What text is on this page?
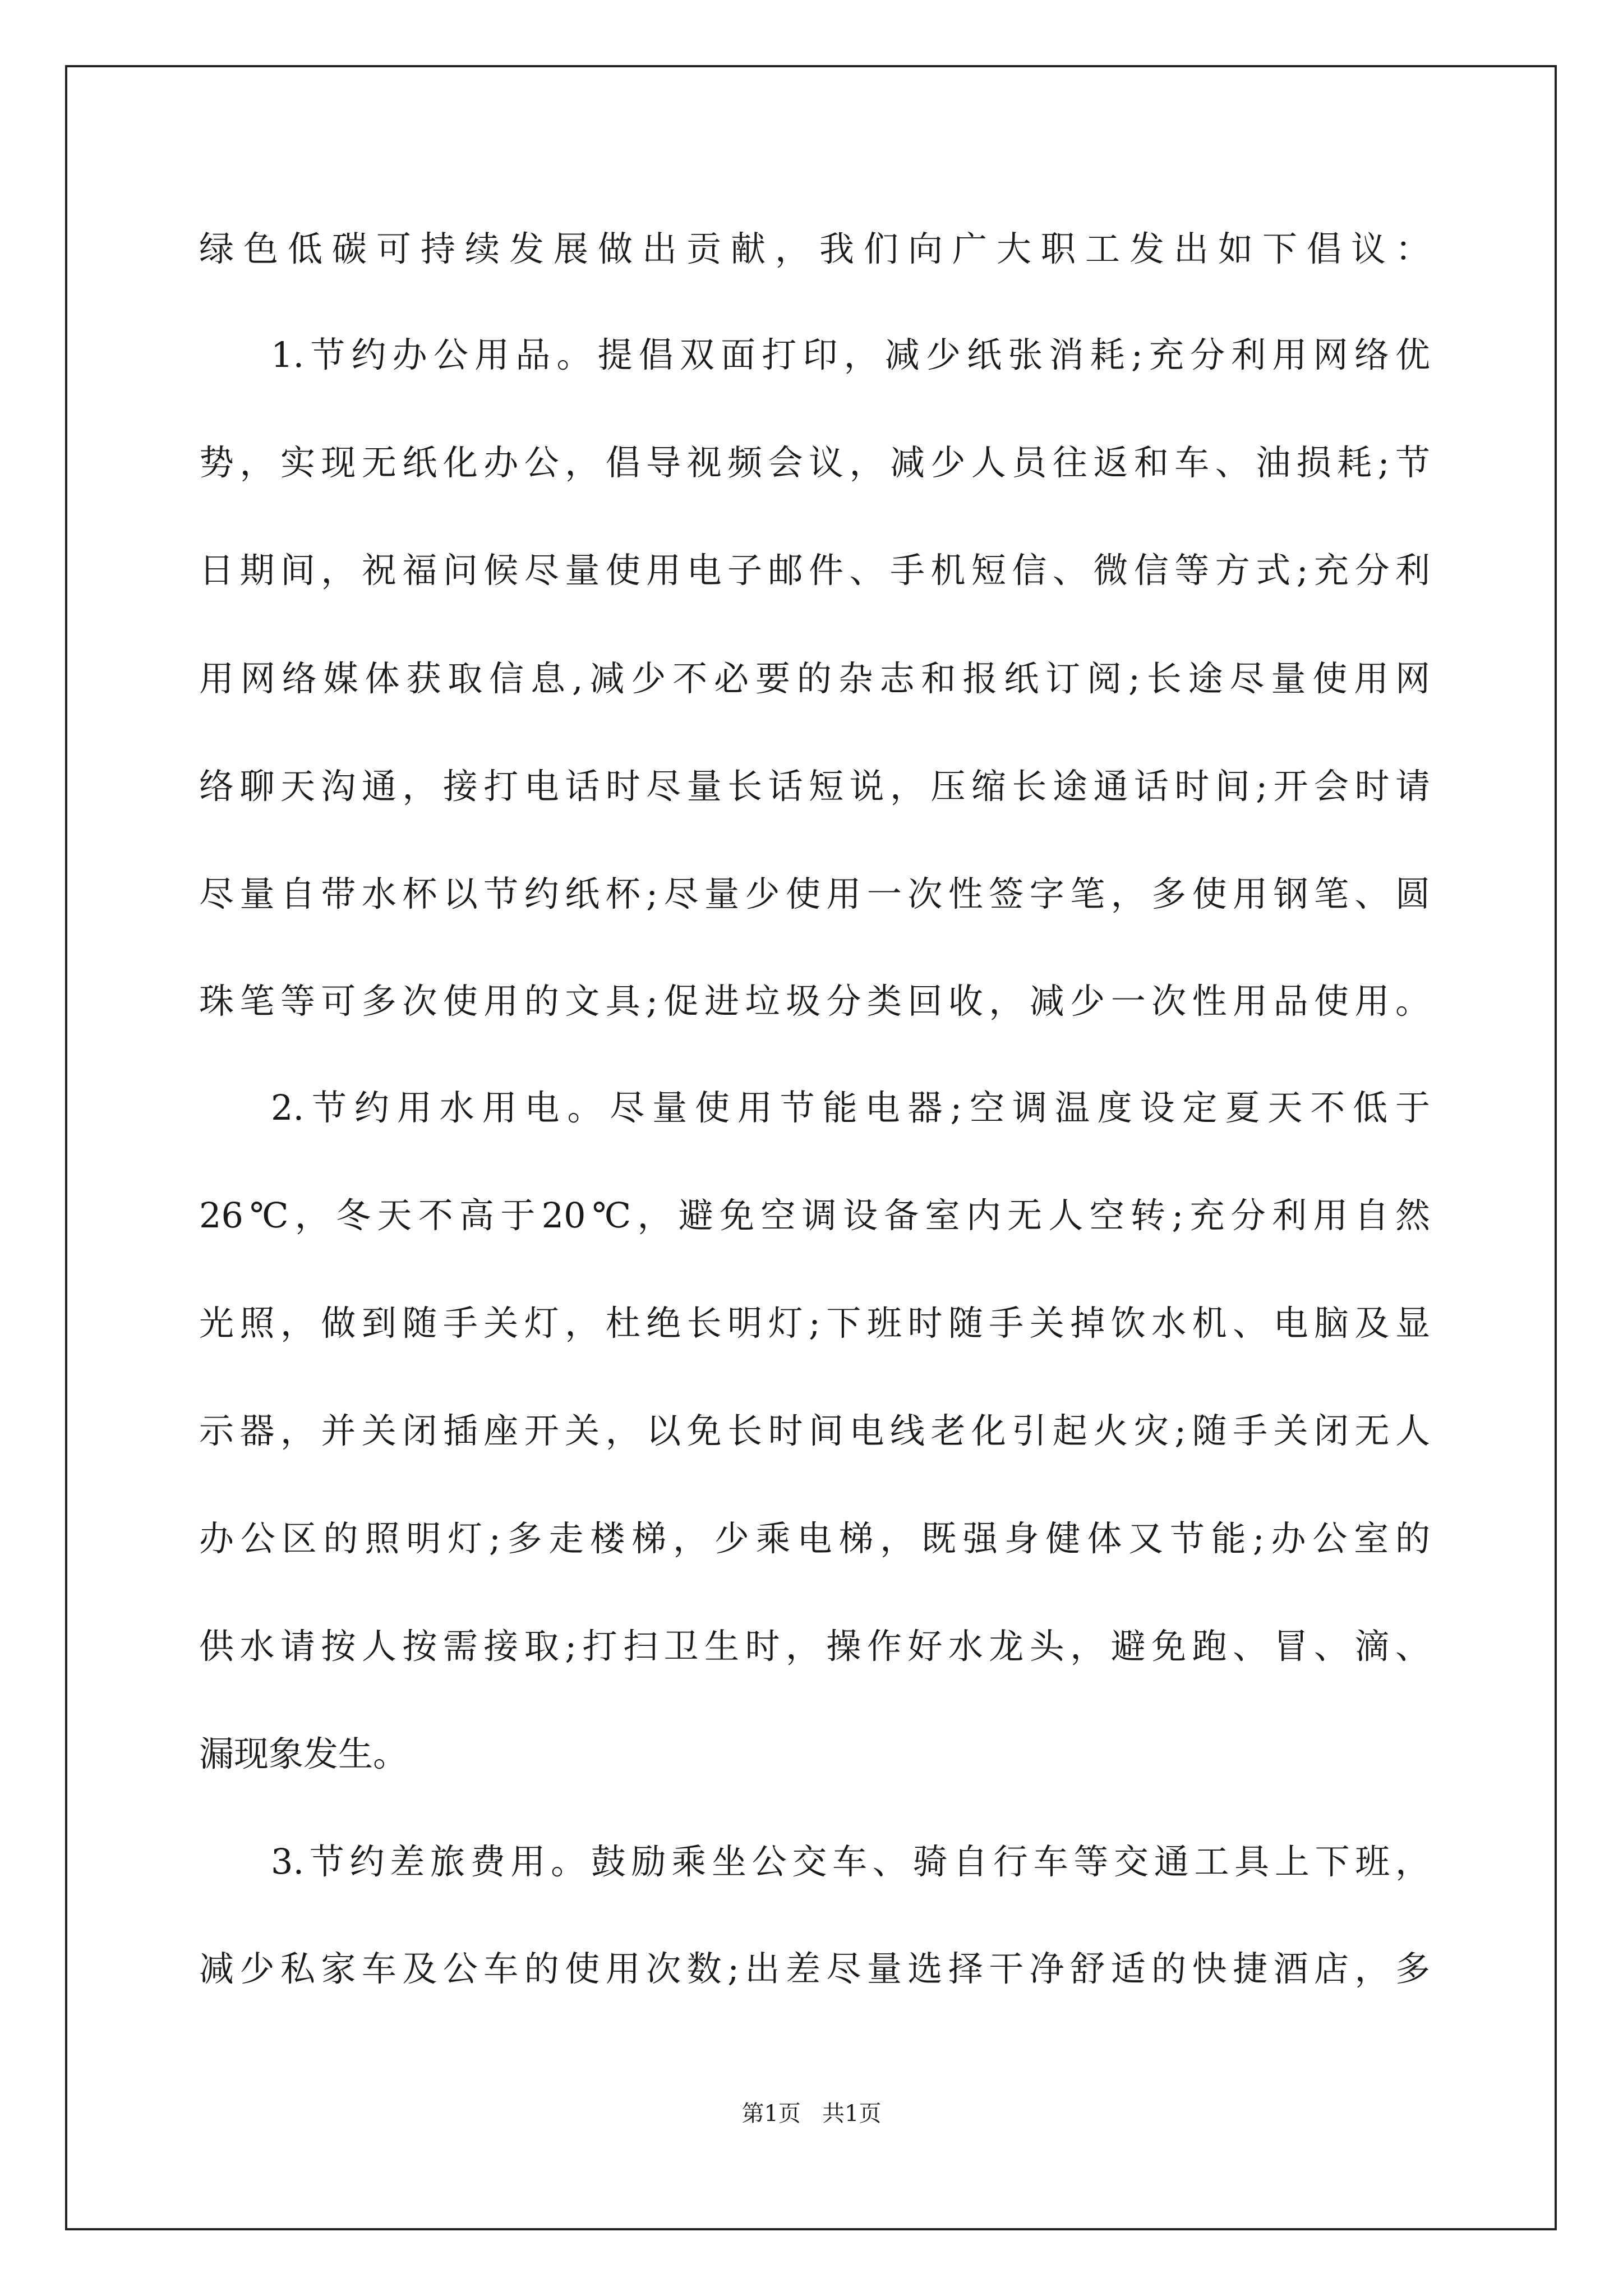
绿色低碳可持续发展做出贡献，我们向广大职工发出如下倡议：

1.节约办公用品。提倡双面打印，减少纸张消耗;充分利用网络优

势，实现无纸化办公，倡导视频会议，减少人员往返和车、油损耗;节

日期间，祝福问候尽量使用电子邮件、手机短信、微信等方式;充分利

用网络媒体获取信息,减少不必要的杂志和报纸订阅;长途尽量使用网

络聊天沟通，接打电话时尽量长话短说，压缩长途通话时间;开会时请

尽量自带水杯以节约纸杯;尽量少使用一次性签字笔，多使用钢笔、圆

珠笔等可多次使用的文具;促进垃圾分类回收，减少一次性用品使用。

2.节约用水用电。尽量使用节能电器;空调温度设定夏天不低于

26℃，冬天不高于20℃，避免空调设备室内无人空转;充分利用自然

光照，做到随手关灯，杜绝长明灯;下班时随手关掉饮水机、电脑及显

示器，并关闭插座开关，以免长时间电线老化引起火灾;随手关闭无人

办公区的照明灯;多走楼梯，少乘电梯，既强身健体又节能;办公室的

供水请按人按需接取;打扫卫生时，操作好水龙头，避免跑、冒、滴、

漏现象发生。

3.节约差旅费用。鼓励乘坐公交车、骑自行车等交通工具上下班，

减少私家车及公车的使用次数;出差尽量选择干净舒适的快捷酒店，多

第1页   共1页
